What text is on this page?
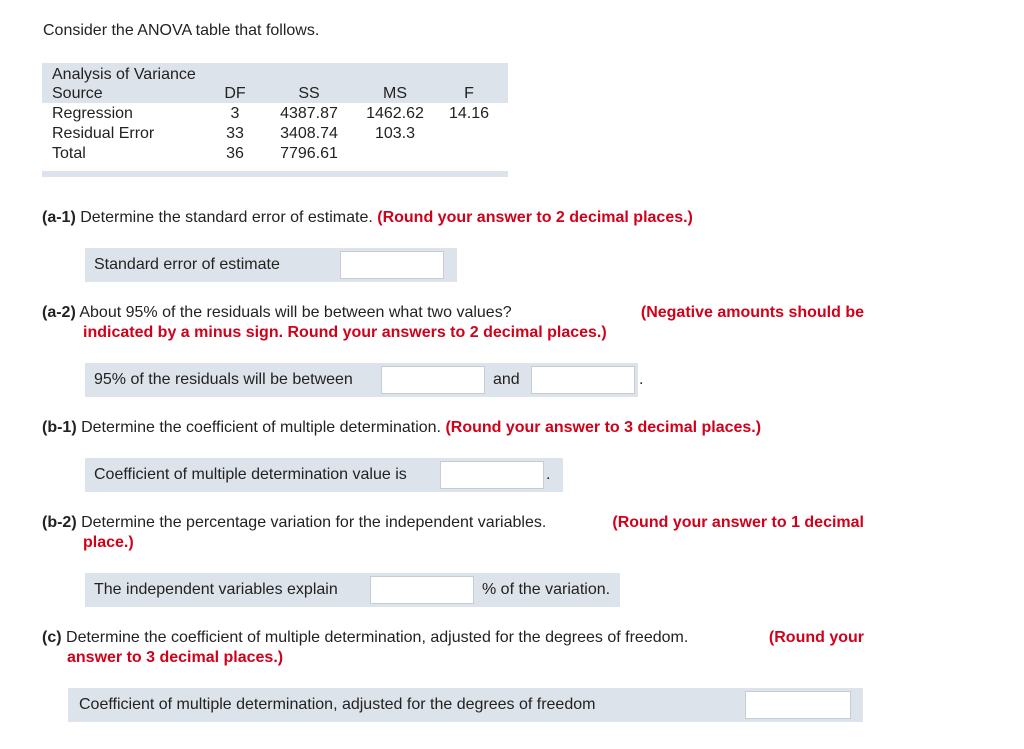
Consider the ANOVA table that follows.
Analysis of Variance
Source	DF	SS	MS	F
Regression	3	4387.87	1462.62	14.16
Residual Error	33	3408.74	103.3
Total	36	7796.61
(a-1) Determine the standard error of estimate. (Round your answer to 2 decimal places.)
Standard error of estimate
(a-2) About 95% of the residuals will be between what two values?	(Negative amounts should be
indicated by a minus sign. Round your answers to 2 decimal places.)
95% of the residuals will be between	and	.
(b-1) Determine the coefficient of multiple determination. (Round your answer to 3 decimal places.)
Coefficient of multiple determination value is	.
(b-2) Determine the percentage variation for the independent variables.	(Round your answer to 1 decimal
place.)
The independent variables explain	% of the variation.
(c) Determine the coefficient of multiple determination, adjusted for the degrees of freedom.	(Round your
answer to 3 decimal places.)
Coefficient of multiple determination, adjusted for the degrees of freedom
